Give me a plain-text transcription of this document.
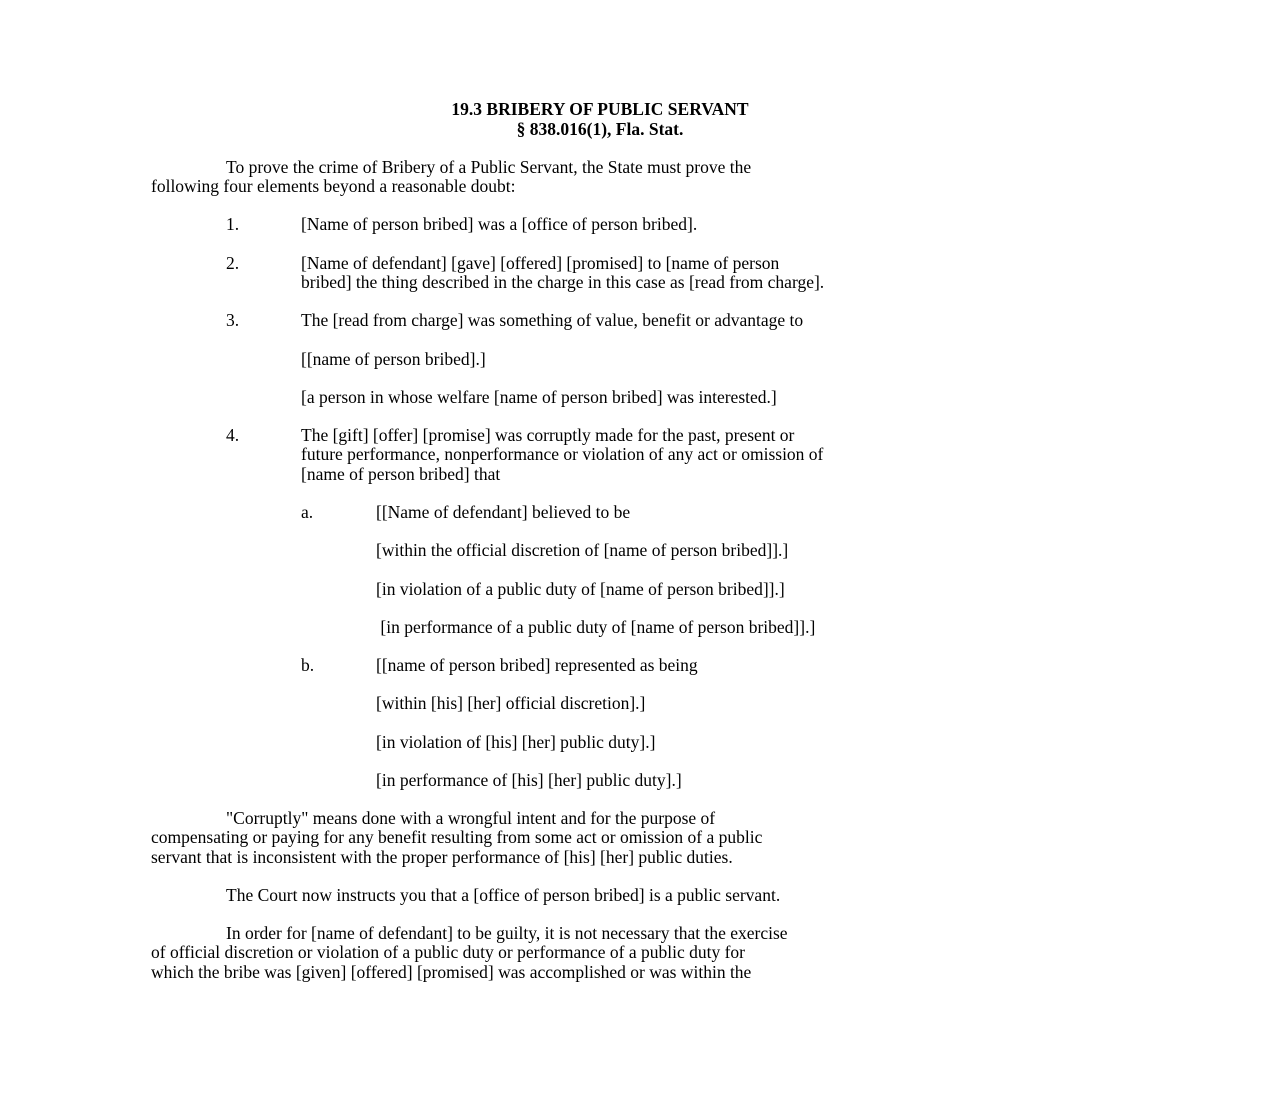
19.3 BRIBERY OF PUBLIC SERVANT
§ 838.016(1), Fla. Stat.
To prove the crime of Bribery of a Public Servant, the State must prove the
following four elements beyond a reasonable doubt:
1.	[Name of person bribed] was a [office of person bribed].
2.	[Name of defendant] [gave] [offered] [promised] to [name of person
bribed] the thing described in the charge in this case as [read from charge].
3.	The [read from charge] was something of value, benefit or advantage to
[[name of person bribed].]
[a person in whose welfare [name of person bribed] was interested.]
4.	The [gift] [offer] [promise] was corruptly made for the past, present or
future performance, nonperformance or violation of any act or omission of
[name of person bribed] that
a.	[[Name of defendant] believed to be
[within the official discretion of [name of person bribed]].]
[in violation of a public duty of [name of person bribed]].]
[in performance of a public duty of [name of person bribed]].]
b.	[[name of person bribed] represented as being
[within [his] [her] official discretion].]
[in violation of [his] [her] public duty].]
[in performance of [his] [her] public duty].]
"Corruptly" means done with a wrongful intent and for the purpose of
compensating or paying for any benefit resulting from some act or omission of a public
servant that is inconsistent with the proper performance of [his] [her] public duties.
The Court now instructs you that a [office of person bribed] is a public servant.
In order for [name of defendant] to be guilty, it is not necessary that the exercise
of official discretion or violation of a public duty or performance of a public duty for
which the bribe was [given] [offered] [promised] was accomplished or was within the
